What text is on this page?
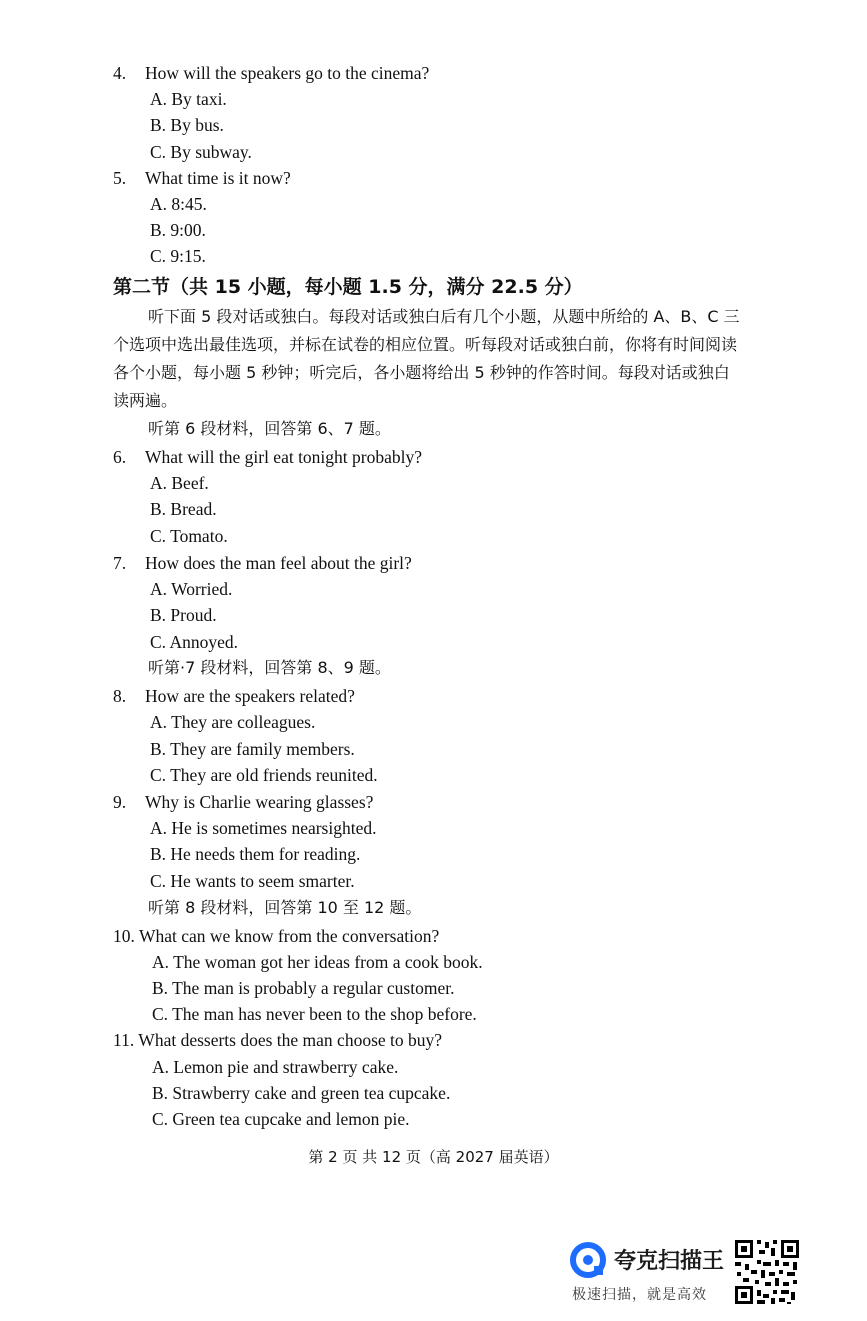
4. How will the speakers go to the cinema?
A. By taxi.
B. By bus.
C. By subway.
5. What time is it now?
A. 8:45.
B. 9:00.
C. 9:15.
第二节（共 15 小题，每小题 1.5 分，满分 22.5 分）
听下面 5 段对话或独白。每段对话或独白后有几个小题，从题中所给的 A、B、C 三
个选项中选出最佳选项，并标在试卷的相应位置。听每段对话或独白前，你将有时间阅读
各个小题，每小题 5 秒钟；听完后，各小题将给出 5 秒钟的作答时间。每段对话或独白
读两遍。
听第 6 段材料，回答第 6、7 题。
6. What will the girl eat tonight probably?
A. Beef.
B. Bread.
C. Tomato.
7. How does the man feel about the girl?
A. Worried.
B. Proud.
C. Annoyed.
听第·7 段材料，回答第 8、9 题。
8. How are the speakers related?
A. They are colleagues.
B. They are family members.
C. They are old friends reunited.
9. Why is Charlie wearing glasses?
A. He is sometimes nearsighted.
B. He needs them for reading.
C. He wants to seem smarter.
听第 8 段材料，回答第 10 至 12 题。
10. What can we know from the conversation?
A. The woman got her ideas from a cook book.
B. The man is probably a regular customer.
C. The man has never been to the shop before.
11. What desserts does the man choose to buy?
A. Lemon pie and strawberry cake.
B. Strawberry cake and green tea cupcake.
C. Green tea cupcake and lemon pie.
第 2 页 共 12 页（高 2027 届英语）
夸克扫描王
极速扫描，就是高效
